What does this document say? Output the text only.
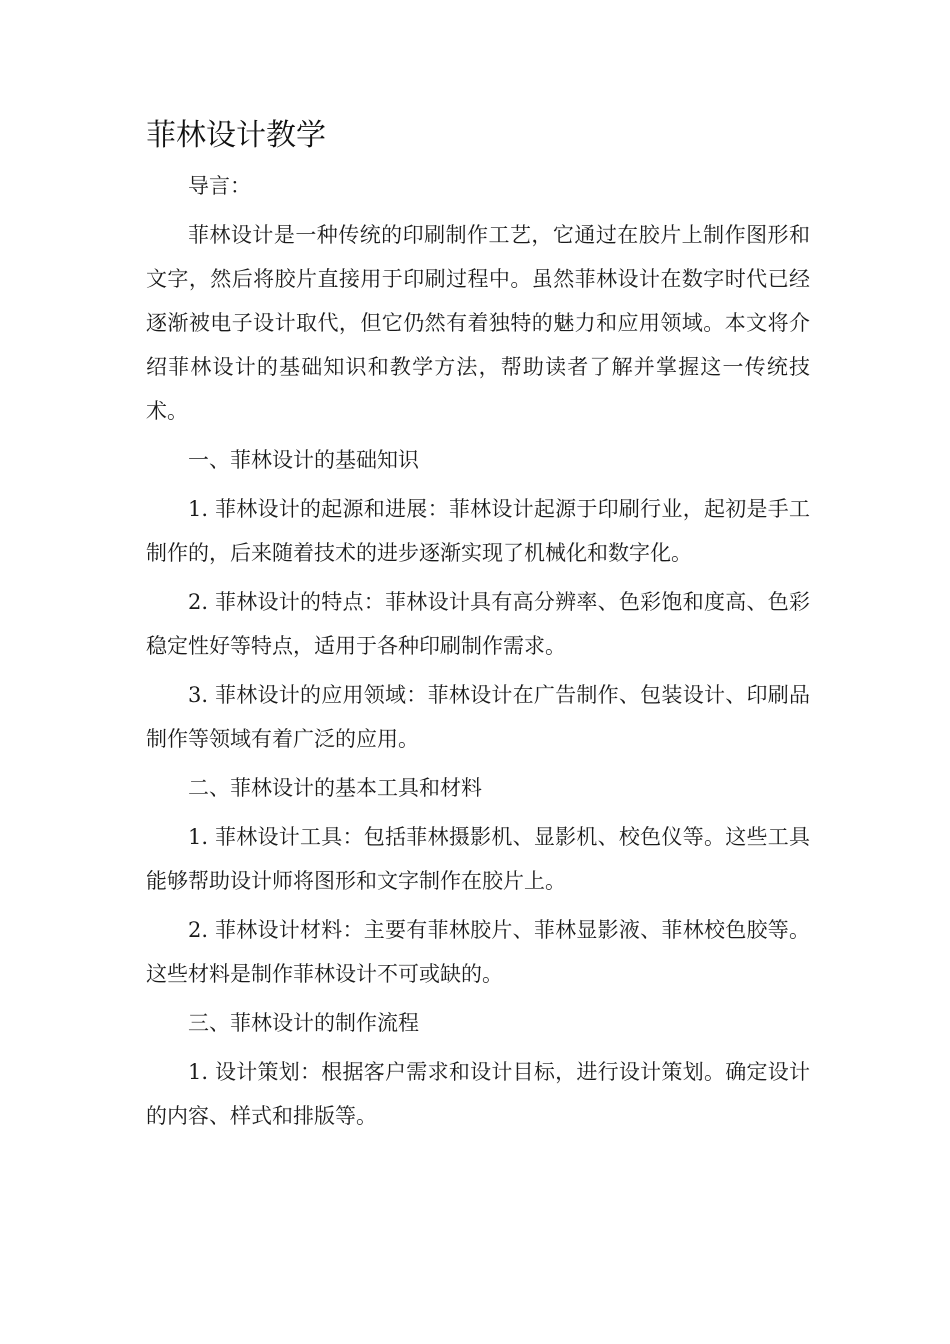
菲林设计教学

导言：

菲林设计是一种传统的印刷制作工艺，它通过在胶片上制作图形和文字，然后将胶片直接用于印刷过程中。虽然菲林设计在数字时代已经逐渐被电子设计取代，但它仍然有着独特的魅力和应用领域。本文将介绍菲林设计的基础知识和教学方法，帮助读者了解并掌握这一传统技术。

一、菲林设计的基础知识

1. 菲林设计的起源和进展：菲林设计起源于印刷行业，起初是手工制作的，后来随着技术的进步逐渐实现了机械化和数字化。

2. 菲林设计的特点：菲林设计具有高分辨率、色彩饱和度高、色彩稳定性好等特点，适用于各种印刷制作需求。

3. 菲林设计的应用领域：菲林设计在广告制作、包装设计、印刷品制作等领域有着广泛的应用。

二、菲林设计的基本工具和材料

1. 菲林设计工具：包括菲林摄影机、显影机、校色仪等。这些工具能够帮助设计师将图形和文字制作在胶片上。

2. 菲林设计材料：主要有菲林胶片、菲林显影液、菲林校色胶等。这些材料是制作菲林设计不可或缺的。

三、菲林设计的制作流程

1. 设计策划：根据客户需求和设计目标，进行设计策划。确定设计的内容、样式和排版等。
